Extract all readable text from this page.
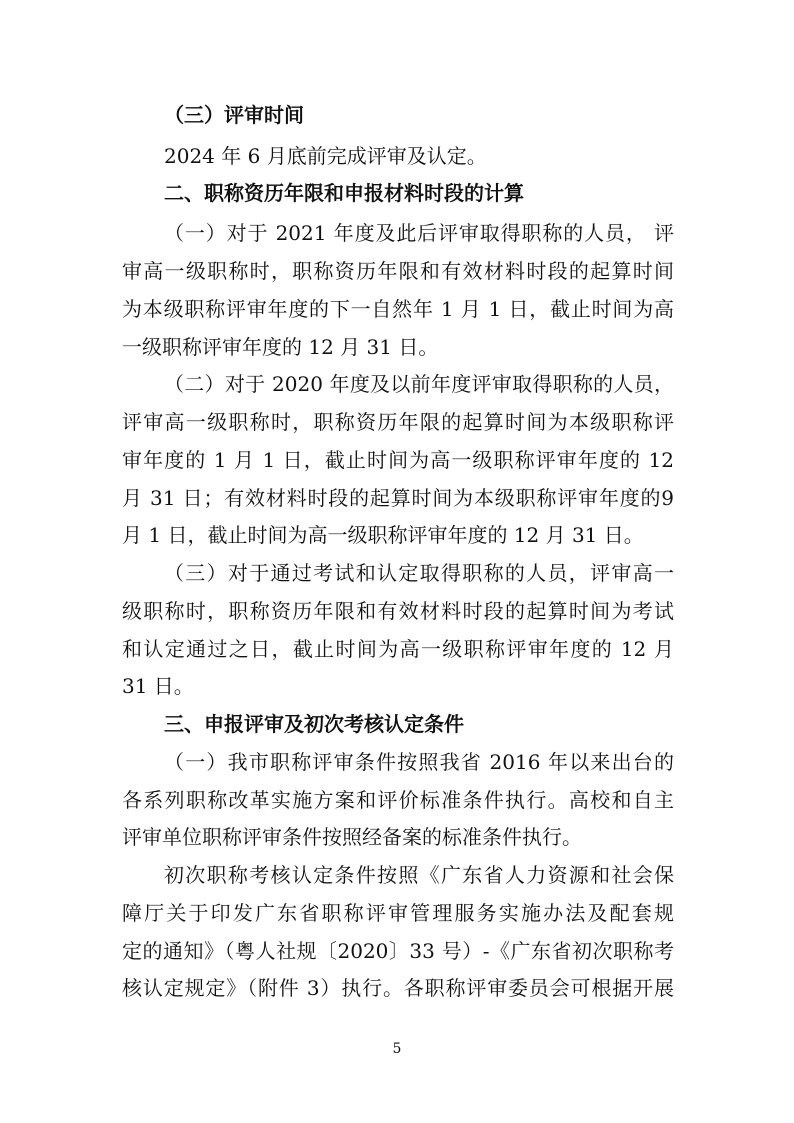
（三）评审时间
2024 年 6 月底前完成评审及认定。
二、职称资历年限和申报材料时段的计算
（一）对于 2021 年度及此后评审取得职称的人员， 评
审高一级职称时，职称资历年限和有效材料时段的起算时间
为本级职称评审年度的下一自然年 1 月 1 日，截止时间为高
一级职称评审年度的 12 月 31 日。
（二）对于 2020 年度及以前年度评审取得职称的人员，
评审高一级职称时，职称资历年限的起算时间为本级职称评
审年度的 1 月 1 日，截止时间为高一级职称评审年度的 12
月 31 日；有效材料时段的起算时间为本级职称评审年度的9
月 1 日，截止时间为高一级职称评审年度的 12 月 31 日。
（三）对于通过考试和认定取得职称的人员，评审高一
级职称时，职称资历年限和有效材料时段的起算时间为考试
和认定通过之日，截止时间为高一级职称评审年度的 12 月
31 日。
三、申报评审及初次考核认定条件
（一）我市职称评审条件按照我省 2016 年以来出台的
各系列职称改革实施方案和评价标准条件执行。高校和自主
评审单位职称评审条件按照经备案的标准条件执行。
初次职称考核认定条件按照《广东省人力资源和社会保
障厅关于印发广东省职称评审管理服务实施办法及配套规
定的通知》（粤人社规〔2020〕33 号）-《广东省初次职称考
核认定规定》（附件 3）执行。各职称评审委员会可根据开展
5
